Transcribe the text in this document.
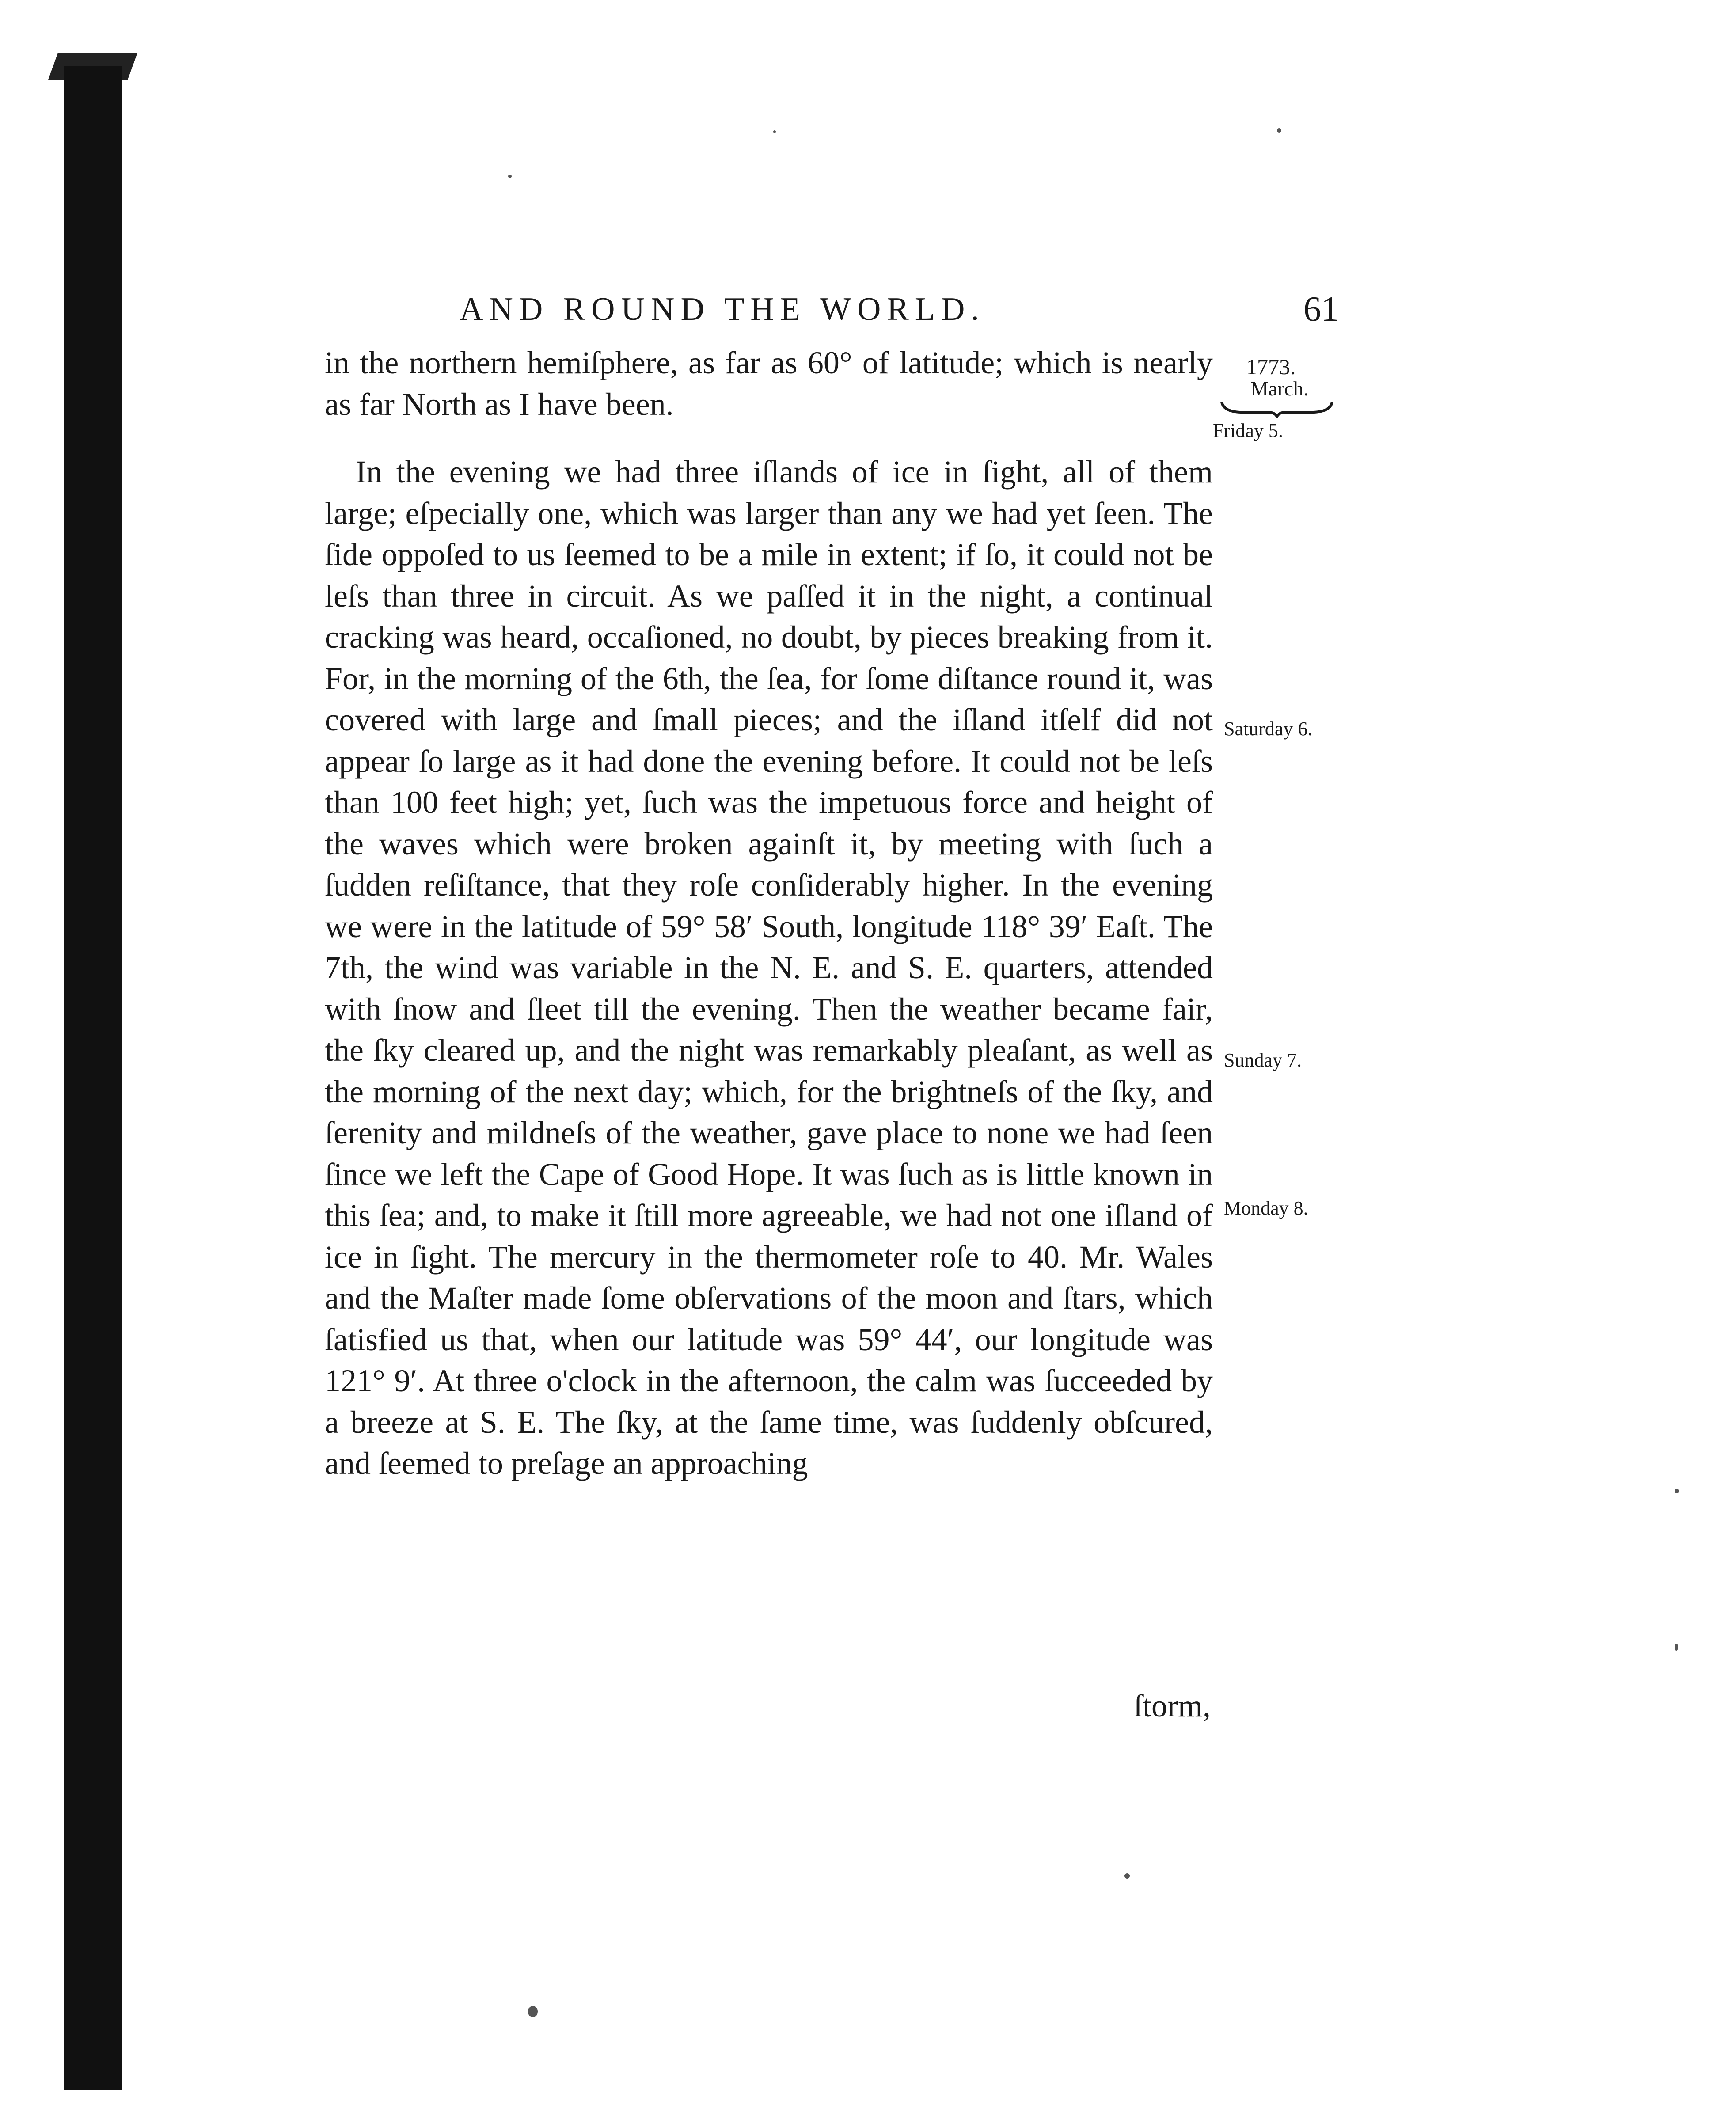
AND ROUND THE WORLD.	61
1773.
March.
Friday 5.
Saturday 6.
Sunday 7.
Monday 8.

in the northern hemiſphere, as far as 60° of latitude; which is nearly as far North as I have been.

In the evening we had three iſlands of ice in ſight, all of them large; eſpecially one, which was larger than any we had yet ſeen. The ſide oppoſed to us ſeemed to be a mile in extent; if ſo, it could not be leſs than three in circuit. As we paſſed it in the night, a continual cracking was heard, occaſioned, no doubt, by pieces breaking from it. For, in the morning of the 6th, the ſea, for ſome diſtance round it, was covered with large and ſmall pieces; and the iſland itſelf did not appear ſo large as it had done the evening before. It could not be leſs than 100 feet high; yet, ſuch was the impetuous force and height of the waves which were broken againſt it, by meeting with ſuch a ſudden reſiſtance, that they roſe conſiderably higher. In the evening we were in the latitude of 59° 58′ South, longitude 118° 39′ Eaſt. The 7th, the wind was variable in the N. E. and S. E. quarters, attended with ſnow and ſleet till the evening. Then the weather became fair, the ſky cleared up, and the night was remarkably pleaſant, as well as the morning of the next day; which, for the brightneſs of the ſky, and ſerenity and mildneſs of the weather, gave place to none we had ſeen ſince we left the Cape of Good Hope. It was ſuch as is little known in this ſea; and, to make it ſtill more agreeable, we had not one iſland of ice in ſight. The mercury in the thermometer roſe to 40. Mr. Wales and the Maſter made ſome obſervations of the moon and ſtars, which ſatisfied us that, when our latitude was 59° 44′, our longitude was 121° 9′. At three o'clock in the afternoon, the calm was ſucceeded by a breeze at S. E. The ſky, at the ſame time, was ſuddenly obſcured, and ſeemed to preſage an approaching

ſtorm,
